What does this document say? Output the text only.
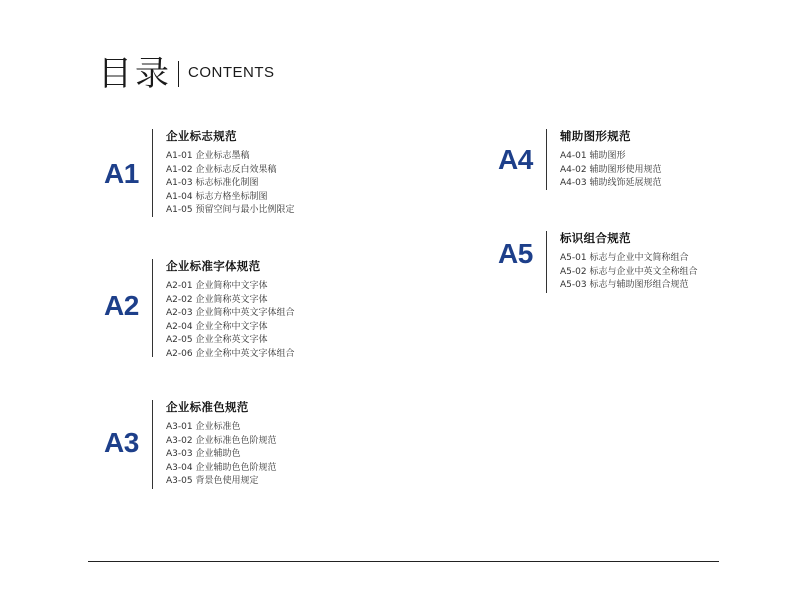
目录 CONTENTS
A1
企业标志规范
A1-01 企业标志墨稿
A1-02 企业标志反白效果稿
A1-03 标志标准化制图
A1-04 标志方格坐标制图
A1-05 预留空间与最小比例限定
A2
企业标准字体规范
A2-01 企业简称中文字体
A2-02 企业简称英文字体
A2-03 企业简称中英文字体组合
A2-04 企业全称中文字体
A2-05 企业全称英文字体
A2-06 企业全称中英文字体组合
A3
企业标准色规范
A3-01 企业标准色
A3-02 企业标准色色阶规范
A3-03 企业辅助色
A3-04 企业辅助色色阶规范
A3-05 背景色使用规定
A4
辅助图形规范
A4-01 辅助图形
A4-02 辅助图形使用规范
A4-03 辅助线饰延展规范
A5 标识组合规范
A5-01 标志与企业中文简称组合
A5-02 标志与企业中英文全称组合
A5-03 标志与辅助图形组合规范
